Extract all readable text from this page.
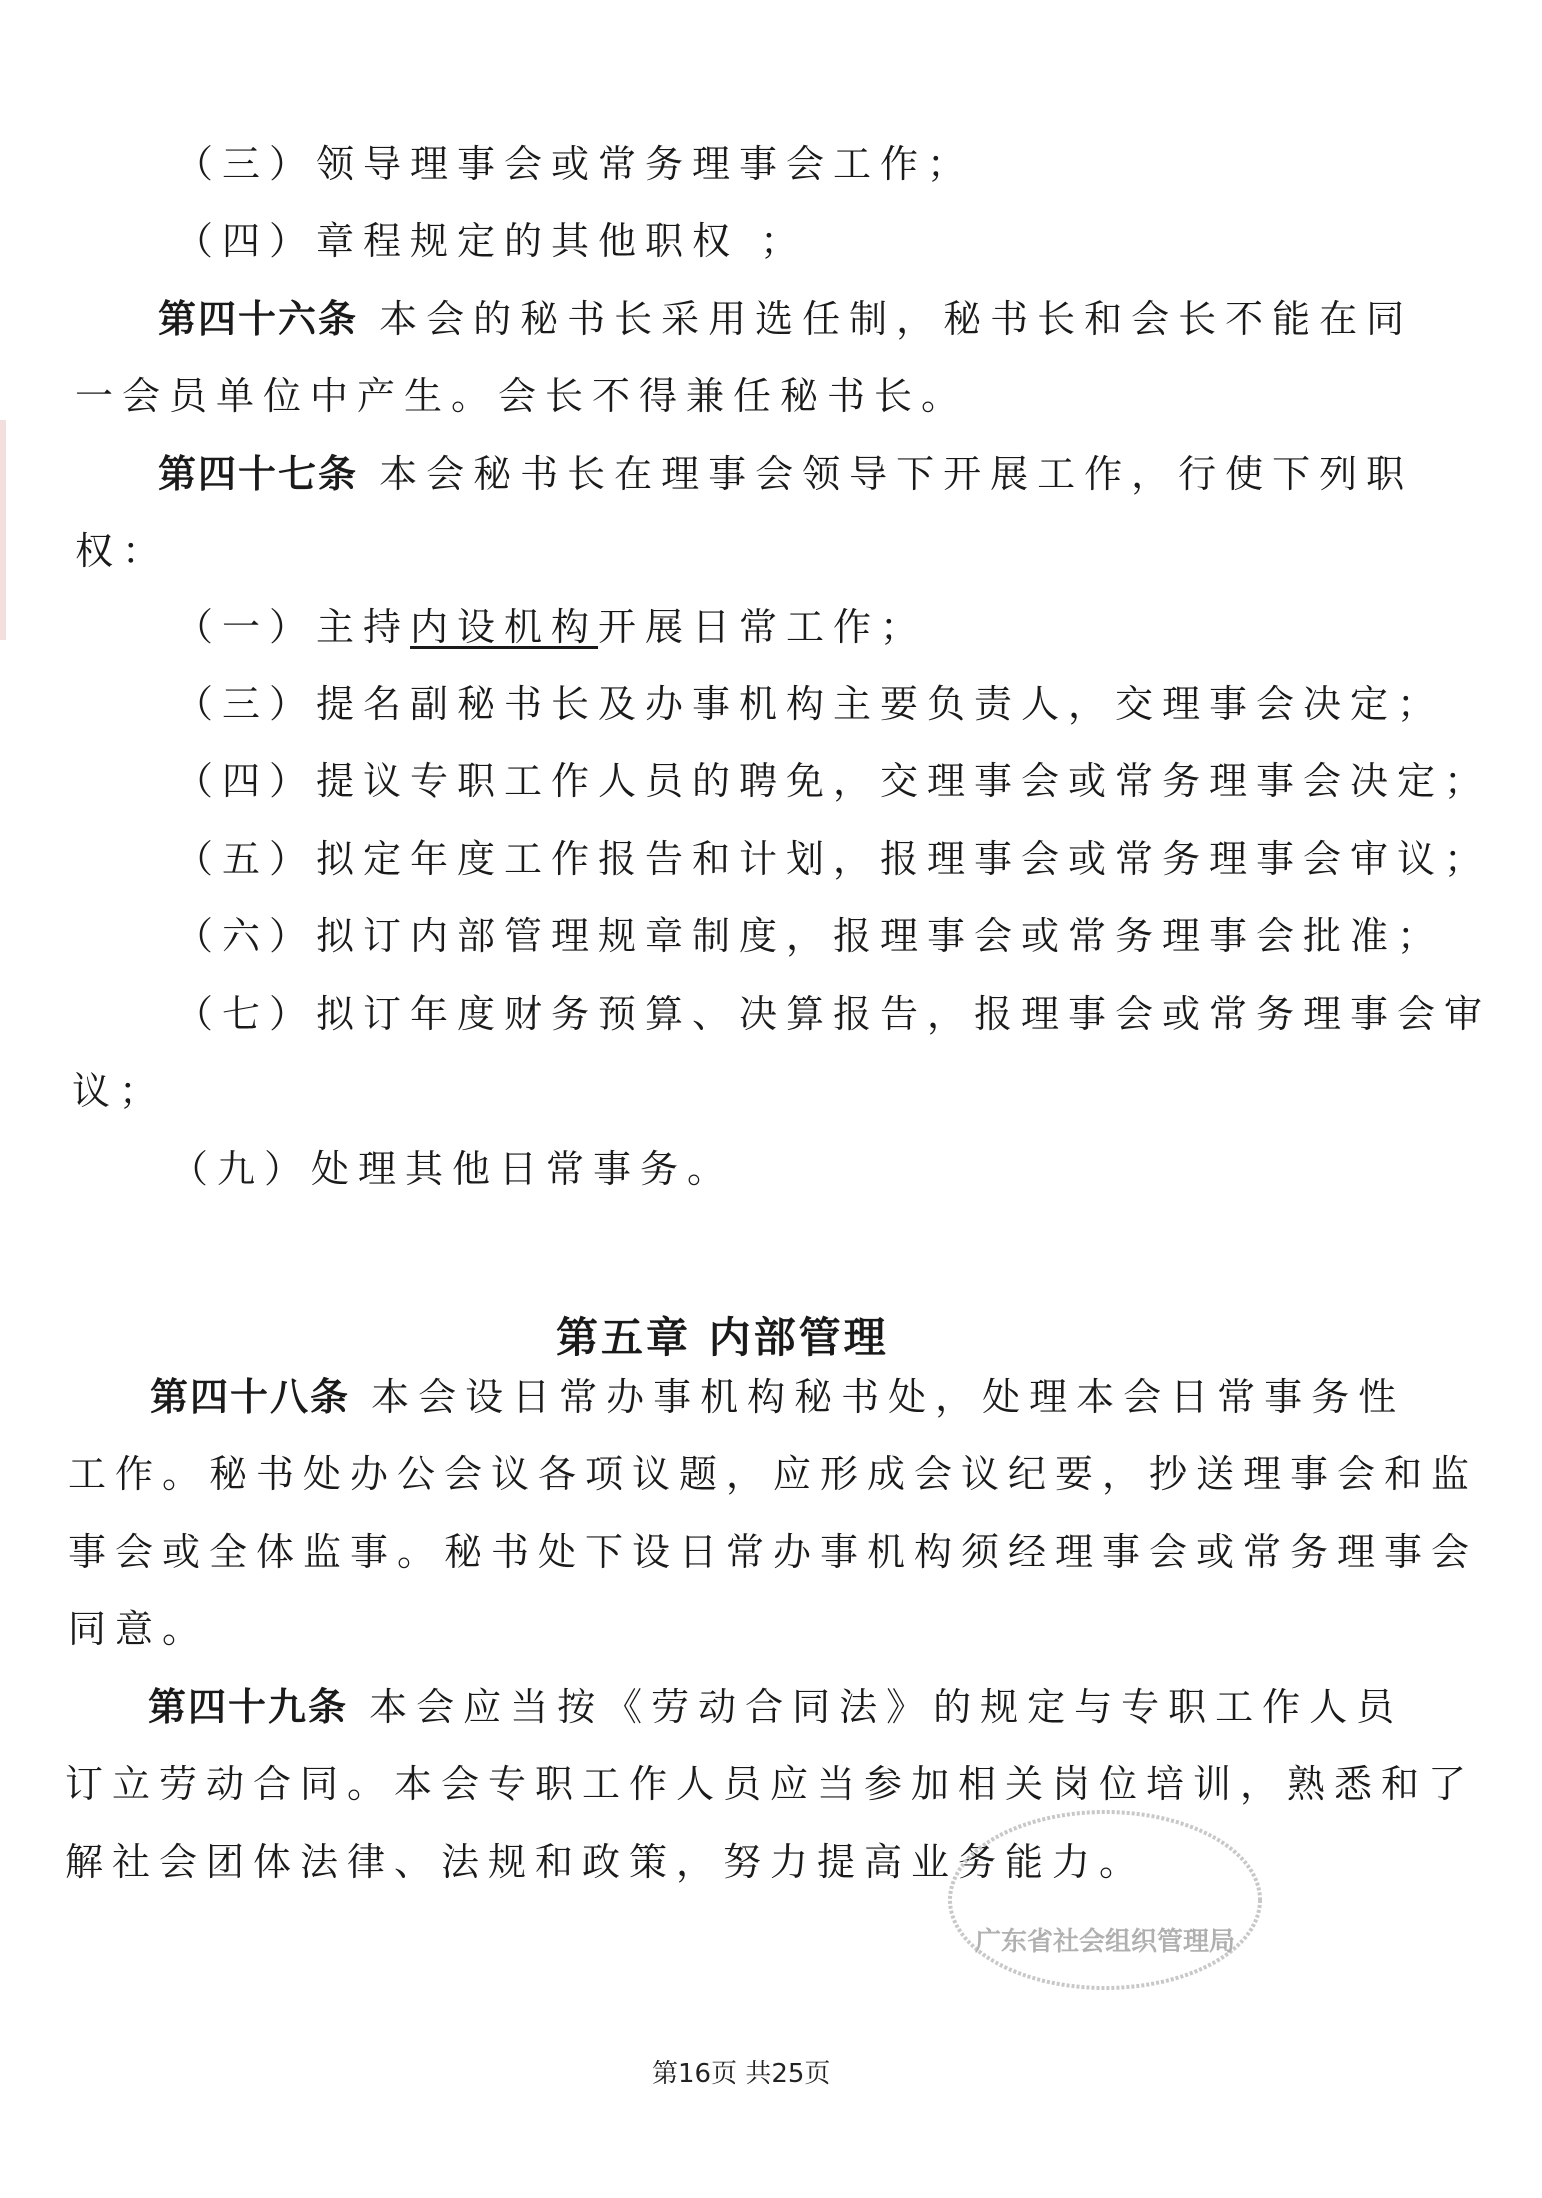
（三）领导理事会或常务理事会工作；
（四）章程规定的其他职权 ；
第四十六条 本会的秘书长采用选任制，秘书长和会长不能在同
一会员单位中产生。会长不得兼任秘书长。
第四十七条 本会秘书长在理事会领导下开展工作，行使下列职
权：
（一）主持内设机构开展日常工作；
（三）提名副秘书长及办事机构主要负责人，交理事会决定；
（四）提议专职工作人员的聘免，交理事会或常务理事会决定；
（五）拟定年度工作报告和计划，报理事会或常务理事会审议；
（六）拟订内部管理规章制度，报理事会或常务理事会批准；
（七）拟订年度财务预算、决算报告，报理事会或常务理事会审
议；
（九）处理其他日常事务。
第五章 内部管理
第四十八条 本会设日常办事机构秘书处，处理本会日常事务性
工作。秘书处办公会议各项议题，应形成会议纪要，抄送理事会和监
事会或全体监事。秘书处下设日常办事机构须经理事会或常务理事会
同意。
第四十九条 本会应当按《劳动合同法》的规定与专职工作人员
订立劳动合同。本会专职工作人员应当参加相关岗位培训，熟悉和了
解社会团体法律、法规和政策，努力提高业务能力。
广东省社会组织管理局
第16页 共25页
